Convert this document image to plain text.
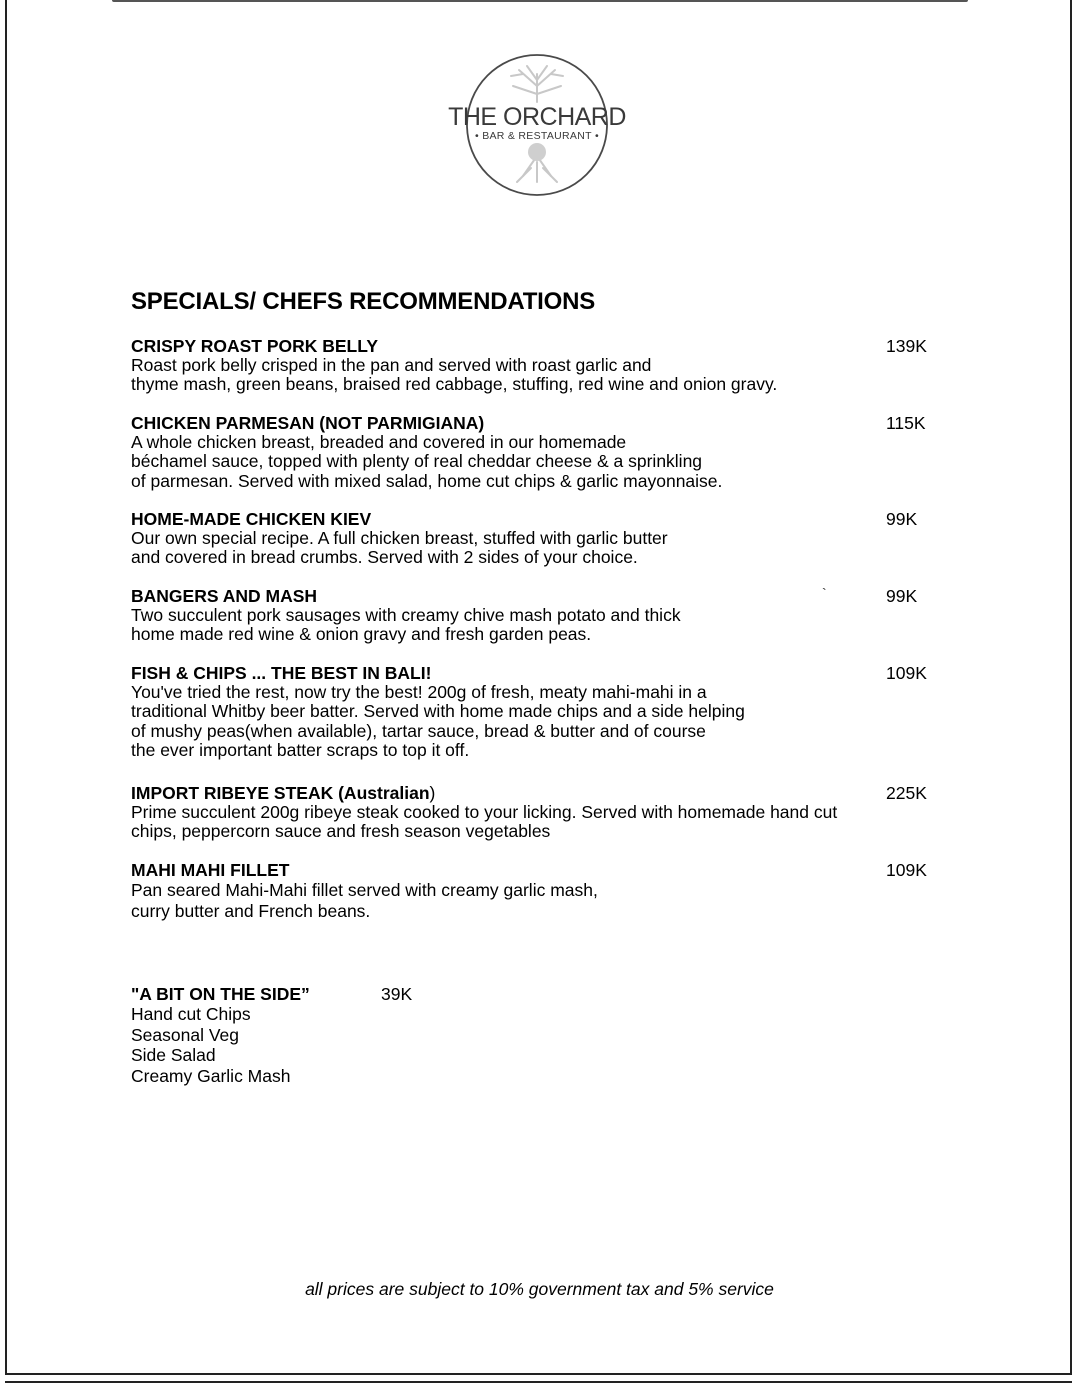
THE ORCHARD
• BAR & RESTAURANT •
SPECIALS/ CHEFS RECOMMENDATIONS
CRISPY ROAST PORK BELLY
Roast pork belly crisped in the pan and served with roast garlic and
thyme mash, green beans, braised red cabbage, stuffing, red wine and onion gravy.
139K
CHICKEN PARMESAN (NOT PARMIGIANA)
A whole chicken breast, breaded and covered in our homemade
béchamel sauce, topped with plenty of real cheddar cheese & a sprinkling
of parmesan. Served with mixed salad, home cut chips & garlic mayonnaise.
115K
HOME-MADE CHICKEN KIEV
Our own special recipe. A full chicken breast, stuffed with garlic butter
and covered in bread crumbs. Served with 2 sides of your choice.
99K
BANGERS AND MASH
Two succulent pork sausages with creamy chive mash potato and thick
home made red wine & onion gravy and fresh garden peas.
`	99K
FISH & CHIPS ... THE BEST IN BALI!
You've tried the rest, now try the best! 200g of fresh, meaty mahi-mahi in a
traditional Whitby beer batter. Served with home made chips and a side helping
of mushy peas(when available), tartar sauce, bread & butter and of course
the ever important batter scraps to top it off.
109K
IMPORT RIBEYE STEAK (Australian)
Prime succulent 200g ribeye steak cooked to your licking. Served with homemade hand cut
chips, peppercorn sauce and fresh season vegetables
225K
MAHI MAHI FILLET
Pan seared Mahi-Mahi fillet served with creamy garlic mash,
curry butter and French beans.
109K
"A BIT ON THE SIDE”	39K
Hand cut Chips
Seasonal Veg
Side Salad
Creamy Garlic Mash
all prices are subject to 10% government tax and 5% service
